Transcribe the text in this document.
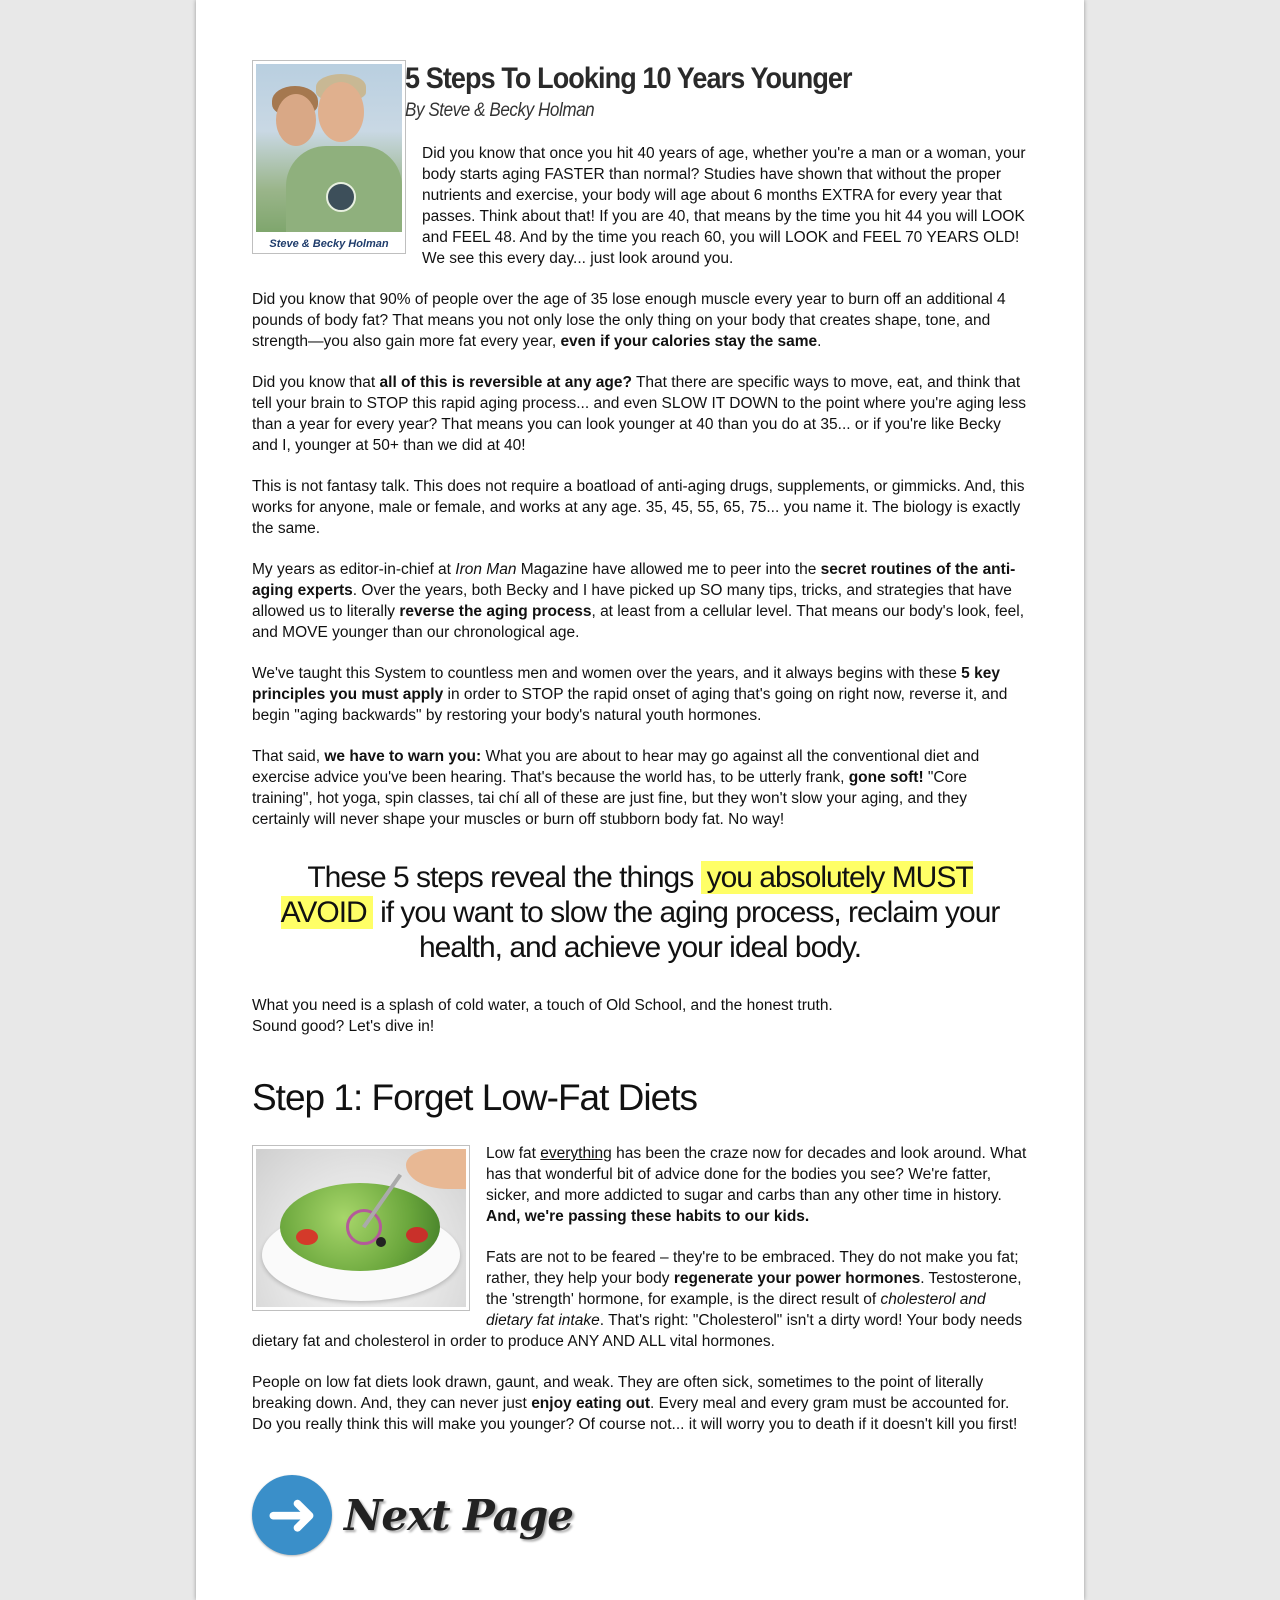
Steve & Becky Holman
5 Steps To Looking 10 Years Younger
By Steve & Becky Holman

Did you know that once you hit 40 years of age, whether you're a man or a woman, your body starts aging FASTER than normal? Studies have shown that without the proper nutrients and exercise, your body will age about 6 months EXTRA for every year that passes. Think about that! If you are 40, that means by the time you hit 44 you will LOOK and FEEL 48. And by the time you reach 60, you will LOOK and FEEL 70 YEARS OLD! We see this every day... just look around you.

Did you know that 90% of people over the age of 35 lose enough muscle every year to burn off an additional 4 pounds of body fat? That means you not only lose the only thing on your body that creates shape, tone, and strength—you also gain more fat every year, even if your calories stay the same.

Did you know that all of this is reversible at any age? That there are specific ways to move, eat, and think that tell your brain to STOP this rapid aging process... and even SLOW IT DOWN to the point where you're aging less than a year for every year? That means you can look younger at 40 than you do at 35... or if you're like Becky and I, younger at 50+ than we did at 40!

This is not fantasy talk. This does not require a boatload of anti-aging drugs, supplements, or gimmicks. And, this works for anyone, male or female, and works at any age. 35, 45, 55, 65, 75... you name it. The biology is exactly the same.

My years as editor-in-chief at Iron Man Magazine have allowed me to peer into the secret routines of the anti-aging experts. Over the years, both Becky and I have picked up SO many tips, tricks, and strategies that have allowed us to literally reverse the aging process, at least from a cellular level. That means our body's look, feel, and MOVE younger than our chronological age.

We've taught this System to countless men and women over the years, and it always begins with these 5 key principles you must apply in order to STOP the rapid onset of aging that's going on right now, reverse it, and begin "aging backwards" by restoring your body's natural youth hormones.

That said, we have to warn you: What you are about to hear may go against all the conventional diet and exercise advice you've been hearing. That's because the world has, to be utterly frank, gone soft! "Core training", hot yoga, spin classes, tai chí all of these are just fine, but they won't slow your aging, and they certainly will never shape your muscles or burn off stubborn body fat. No way!

These 5 steps reveal the things you absolutely MUST AVOID if you want to slow the aging process, reclaim your health, and achieve your ideal body.

What you need is a splash of cold water, a touch of Old School, and the honest truth.
Sound good? Let's dive in!

Step 1: Forget Low-Fat Diets

Low fat everything has been the craze now for decades and look around. What has that wonderful bit of advice done for the bodies you see? We're fatter, sicker, and more addicted to sugar and carbs than any other time in history. And, we're passing these habits to our kids.

Fats are not to be feared – they're to be embraced. They do not make you fat; rather, they help your body regenerate your power hormones. Testosterone, the 'strength' hormone, for example, is the direct result of cholesterol and dietary fat intake. That's right: "Cholesterol" isn't a dirty word! Your body needs dietary fat and cholesterol in order to produce ANY AND ALL vital hormones.

People on low fat diets look drawn, gaunt, and weak. They are often sick, sometimes to the point of literally breaking down. And, they can never just enjoy eating out. Every meal and every gram must be accounted for. Do you really think this will make you younger? Of course not... it will worry you to death if it doesn't kill you first!

➜ Next Page
